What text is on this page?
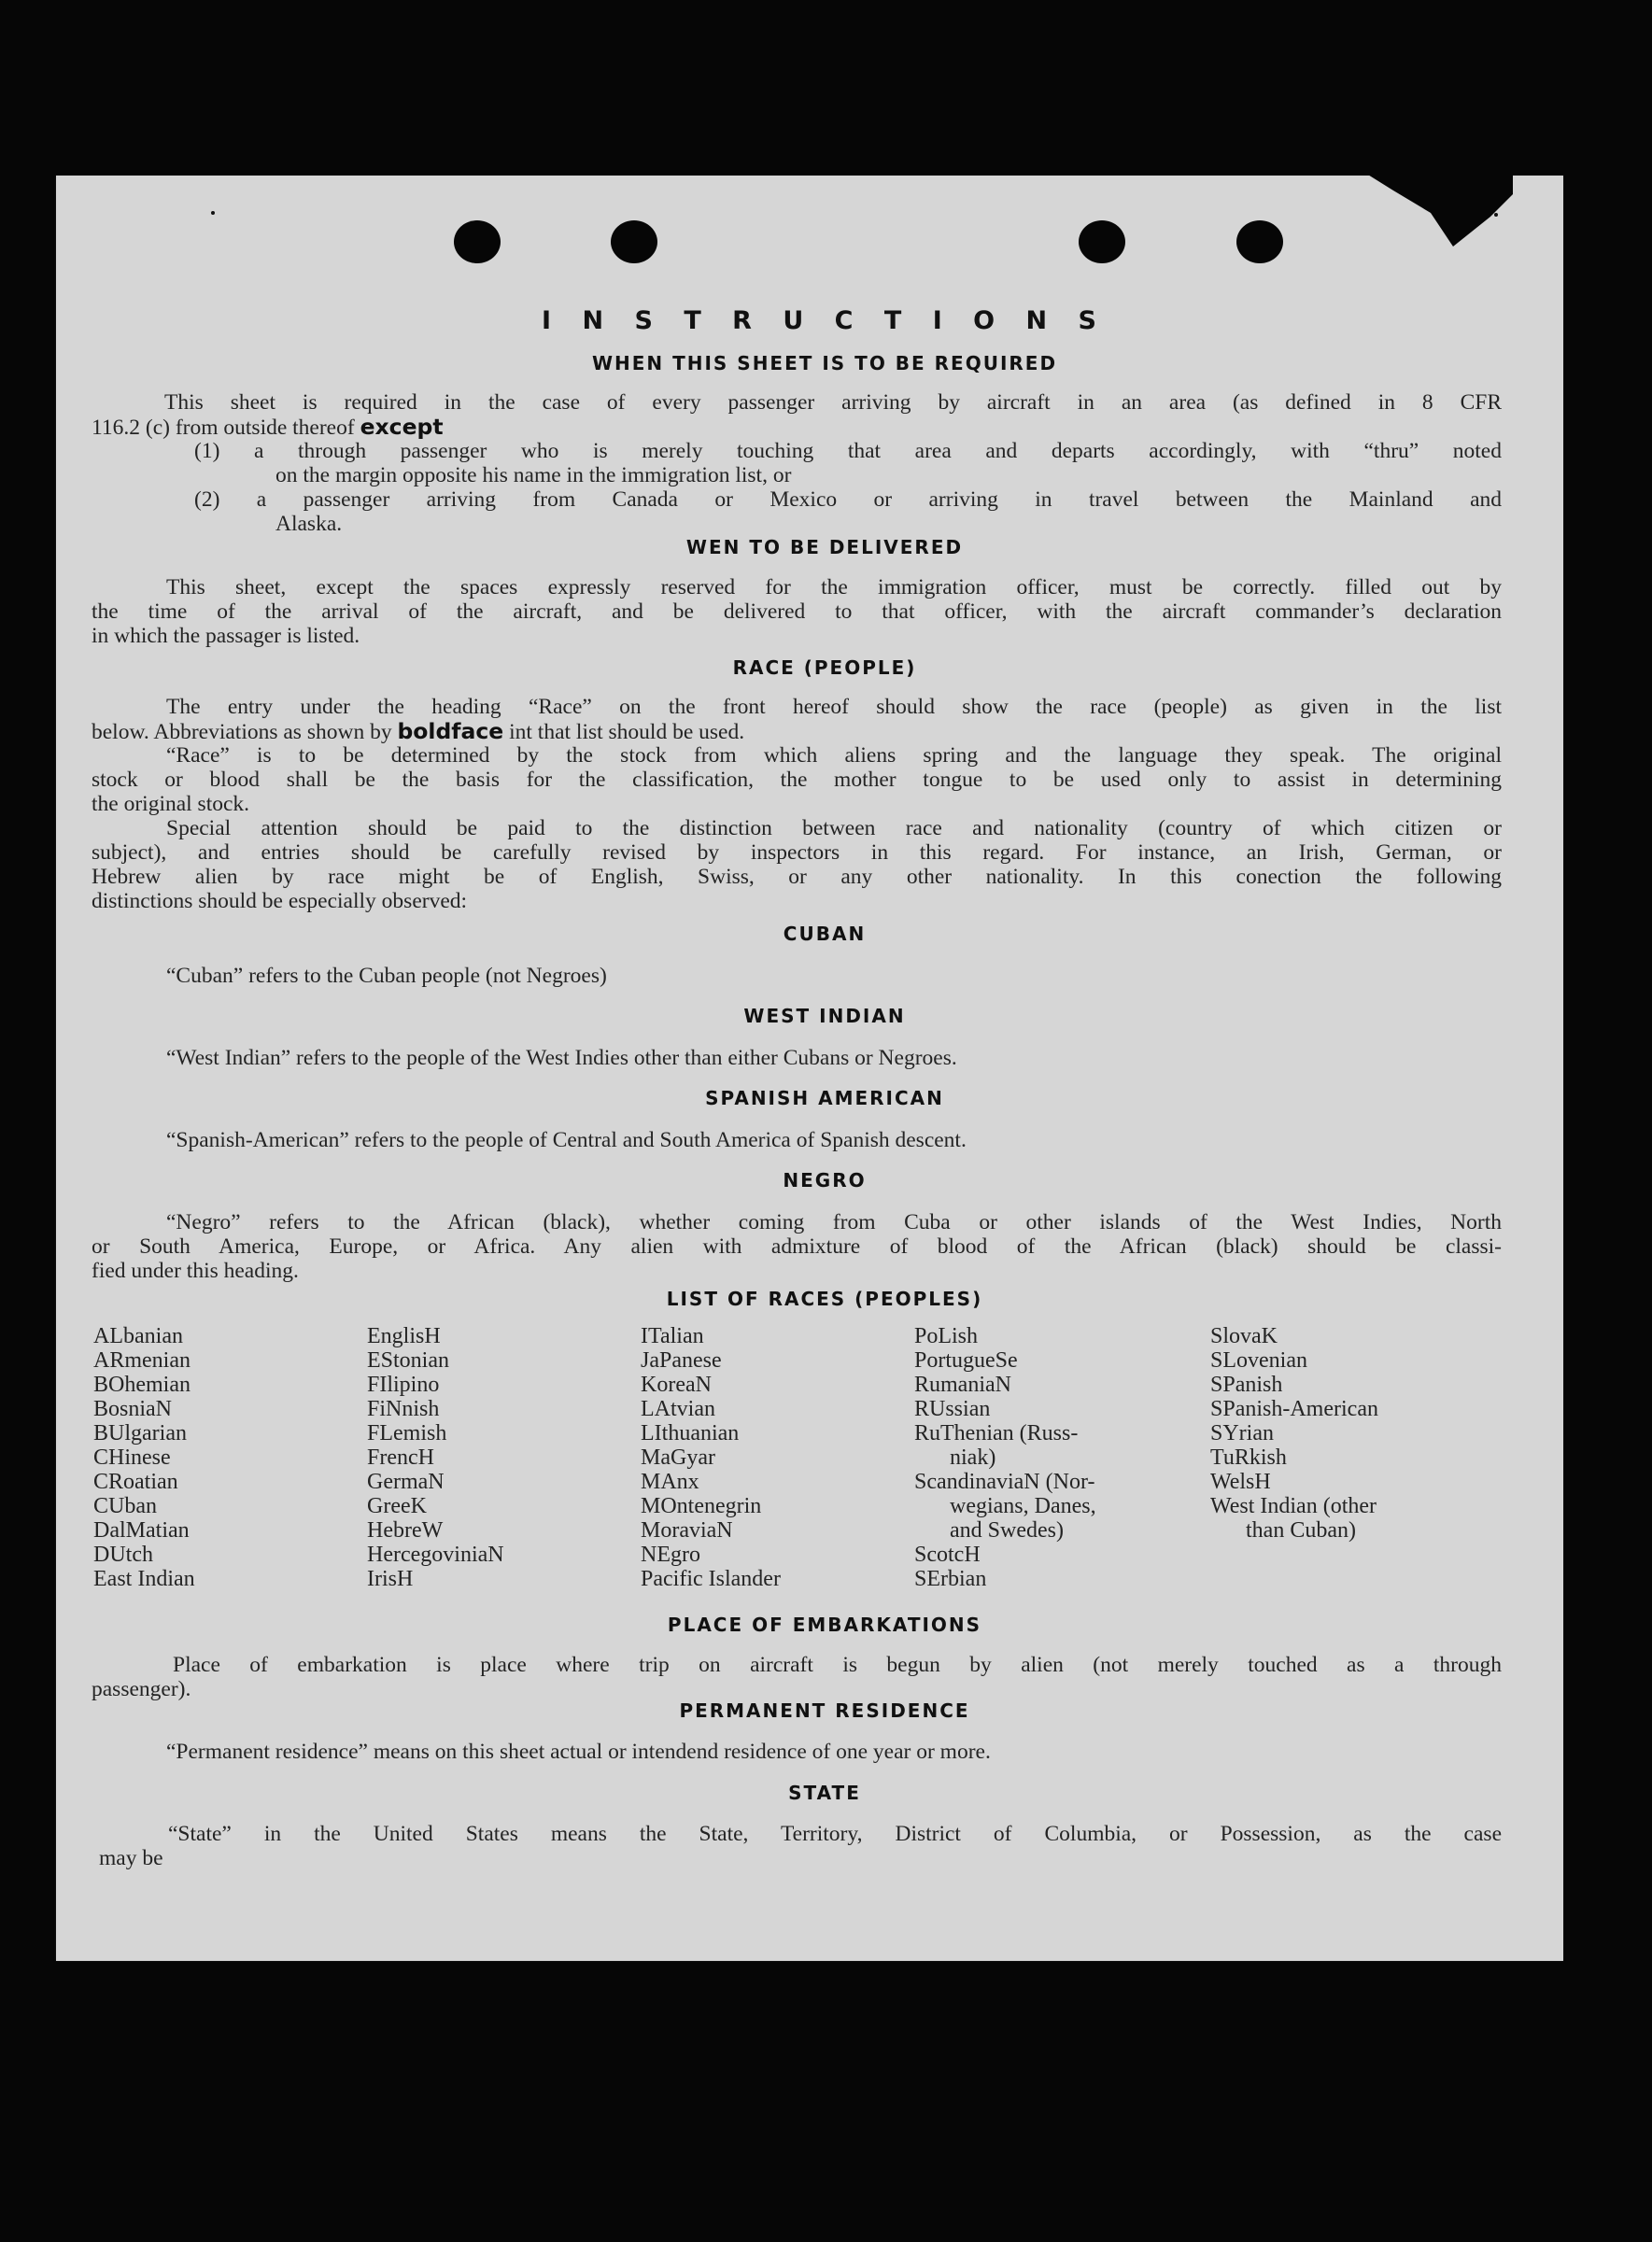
I N S T R U C T I O N S
WHEN THIS SHEET IS TO BE REQUIRED
This sheet is required in the case of every passenger arriving by aircraft in an area (as defined in 8 CFR
116.2 (c) from outside thereof except
(1) a through passenger who is merely touching that area and departs accordingly, with “thru” noted
on the margin opposite his name in the immigration list, or
(2) a passenger arriving from Canada or Mexico or arriving in travel between the Mainland and
Alaska.
WEN TO BE DELIVERED
This sheet, except the spaces expressly reserved for the immigration officer, must be correctly. filled out by
the time of the arrival of the aircraft, and be delivered to that officer, with the aircraft commander’s declaration
in which the passager is listed.
RACE (PEOPLE)
The entry under the heading “Race” on the front hereof should show the race (people) as given in the list
below. Abbreviations as shown by boldface int that list should be used.
“Race” is to be determined by the stock from which aliens spring and the language they speak. The original
stock or blood shall be the basis for the classification, the mother tongue to be used only to assist in determining
the original stock.
Special attention should be paid to the distinction between race and nationality (country of which citizen or
subject), and entries should be carefully revised by inspectors in this regard. For instance, an Irish, German, or
Hebrew alien by race might be of English, Swiss, or any other nationality. In this conection the following
distinctions should be especially observed:
CUBAN
“Cuban” refers to the Cuban people (not Negroes)
WEST INDIAN
“West Indian” refers to the people of the West Indies other than either Cubans or Negroes.
SPANISH AMERICAN
“Spanish-American” refers to the people of Central and South America of Spanish descent.
NEGRO
“Negro” refers to the African (black), whether coming from Cuba or other islands of the West Indies, North
or South America, Europe, or Africa. Any alien with admixture of blood of the African (black) should be classi-
fied under this heading.
LIST OF RACES (PEOPLES)
ALbanian
ARmenian
BOhemian
BosniaN
BUlgarian
CHinese
CRoatian
CUban
DalMatian
DUtch
East Indian
EnglisH
EStonian
FIlipino
FiNnish
FLemish
FrencH
GermaN
GreeK
HebreW
HercegoviniaN
IrisH
ITalian
JaPanese
KoreaN
LAtvian
LIthuanian
MaGyar
MAnx
MOntenegrin
MoraviaN
NEgro
Pacific Islander
PoLish
PortugueSe
RumaniaN
RUssian
RuThenian (Russ-
niak)
ScandinaviaN (Nor-
wegians, Danes,
and Swedes)
ScotcH
SErbian
SlovaK
SLovenian
SPanish
SPanish-American
SYrian
TuRkish
WelsH
West Indian (other
than Cuban)
PLACE OF EMBARKATIONS
Place of embarkation is place where trip on aircraft is begun by alien (not merely touched as a through
passenger).
PERMANENT RESIDENCE
“Permanent residence” means on this sheet actual or intendend residence of one year or more.
STATE
“State” in the United States means the State, Territory, District of Columbia, or Possession, as the case
may be
